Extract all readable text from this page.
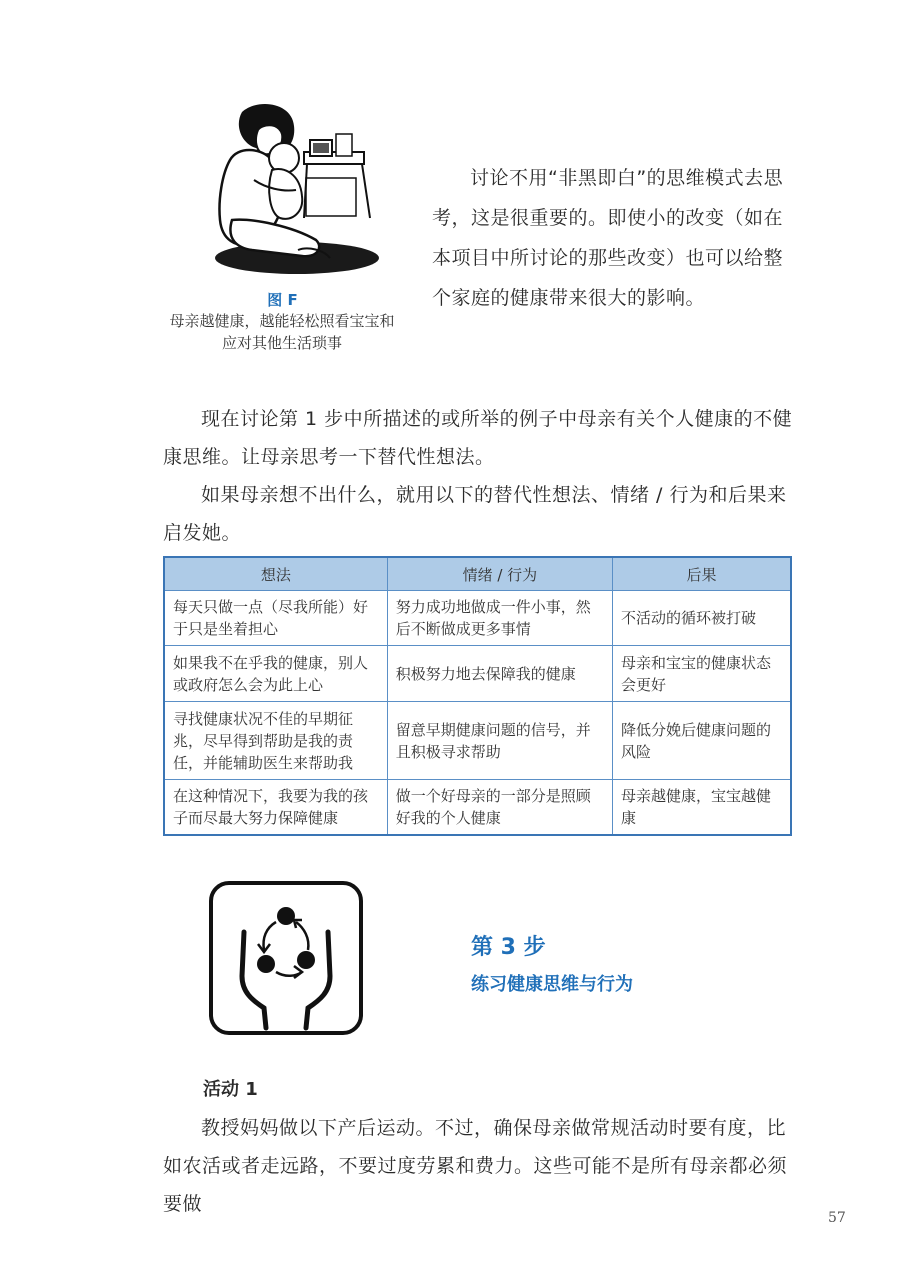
图 F
母亲越健康，越能轻松照看宝宝和应对其他生活琐事
讨论不用“非黑即白”的思维模式去思考，这是很重要的。即使小的改变（如在本项目中所讨论的那些改变）也可以给整个家庭的健康带来很大的影响。
现在讨论第 1 步中所描述的或所举的例子中母亲有关个人健康的不健康思维。让母亲思考一下替代性想法。
如果母亲想不出什么，就用以下的替代性想法、情绪 / 行为和后果来启发她。
想法	情绪 / 行为	后果
每天只做一点（尽我所能）好于只是坐着担心	努力成功地做成一件小事，然后不断做成更多事情	不活动的循环被打破
如果我不在乎我的健康，别人或政府怎么会为此上心	积极努力地去保障我的健康	母亲和宝宝的健康状态会更好
寻找健康状况不佳的早期征兆，尽早得到帮助是我的责任，并能辅助医生来帮助我	留意早期健康问题的信号，并且积极寻求帮助	降低分娩后健康问题的风险
在这种情况下，我要为我的孩子而尽最大努力保障健康	做一个好母亲的一部分是照顾好我的个人健康	母亲越健康，宝宝越健康
第 3 步
练习健康思维与行为
活动 1
教授妈妈做以下产后运动。不过，确保母亲做常规活动时要有度，比如农活或者走远路，不要过度劳累和费力。这些可能不是所有母亲都必须要做
57
